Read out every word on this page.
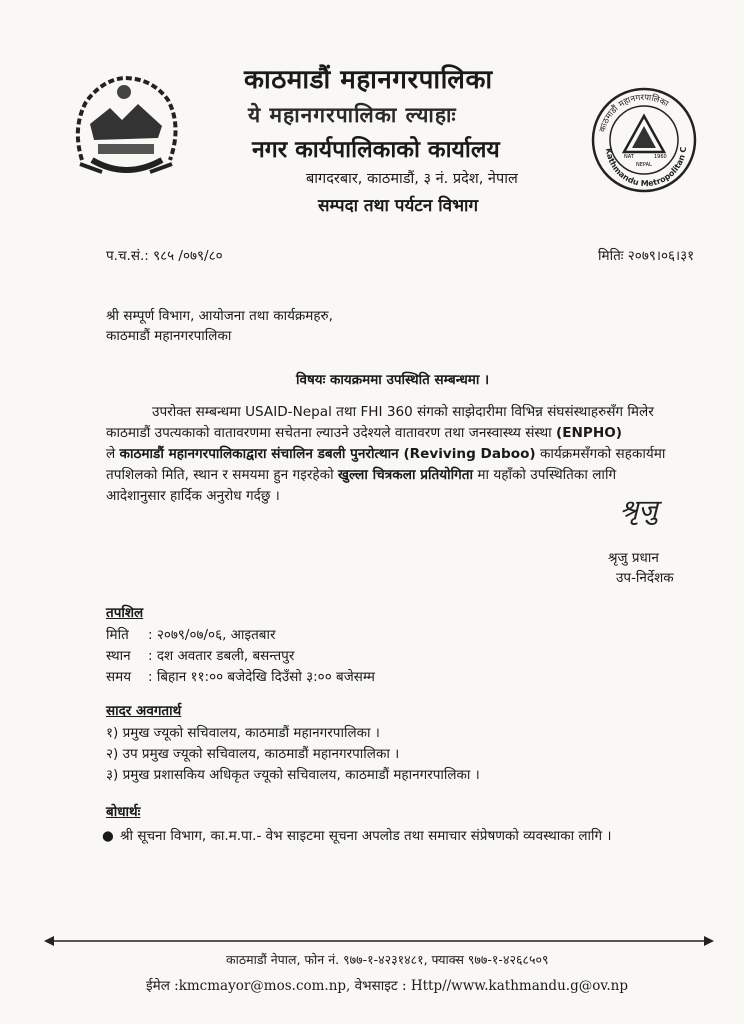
काठमाडौं महानगरपालिका
Kathmandu Metropolitan C
NAT	1960
NEPAL
काठमाडौं महानगरपालिका
ये महानगरपालिका ल्याहाः
नगर कार्यपालिकाको कार्यालय
बागदरबार, काठमाडौं, ३ नं. प्रदेश, नेपाल
सम्पदा तथा पर्यटन विभाग
प.च.सं.: ९८५ /०७९/८०	मितिः २०७९।०६।३१
श्री सम्पूर्ण विभाग, आयोजना तथा कार्यक्रमहरु,
काठमाडौं महानगरपालिका
विषयः कायक्रममा उपस्थिति सम्बन्धमा ।
उपरोक्त सम्बन्धमा USAID-Nepal तथा FHI 360 संगको साझेदारीमा विभिन्न संघसंस्थाहरुसँग मिलेर
काठमाडौं उपत्यकाको वातावरणमा सचेतना ल्याउने उदेश्यले वातावरण तथा जनस्वास्थ्य संस्था (ENPHO)
ले काठमाडौं महानगरपालिकाद्वारा संचालिन डबली पुनरोत्थान (Reviving Daboo) कार्यक्रमसँगको सहकार्यमा
तपशिलको मिति, स्थान र समयमा हुन गइरहेको खुल्ला चित्रकला प्रतियोगिता मा यहाँको उपस्थितिका लागि
आदेशानुसार हार्दिक अनुरोध गर्दछु ।	श्रृजु
श्रृजु प्रधान
उप-निर्देशक
तपशिल
मिति : २०७९/०७/०६, आइतबार
स्थान : दश अवतार डबली, बसन्तपुर
समय : बिहान ११:०० बजेदेखि दिउँसो ३:०० बजेसम्म
सादर अवगतार्थ
१) प्रमुख ज्यूको सचिवालय, काठमाडौं महानगरपालिका ।
२) उप प्रमुख ज्यूको सचिवालय, काठमाडौं महानगरपालिका ।
३) प्रमुख प्रशासकिय अधिकृत ज्यूको सचिवालय, काठमाडौं महानगरपालिका ।
बोधार्थः
● श्री सूचना विभाग, का.म.पा.- वेभ साइटमा सूचना अपलोड तथा समाचार संप्रेषणको व्यवस्थाका लागि ।
काठमाडौं नेपाल, फोन नं. ९७७-१-४२३१४८१, फ्याक्स ९७७-१-४२६८५०९
ईमेल :kmcmayor@mos.com.np, वेभसाइट : Http//www.kathmandu.g@ov.np
